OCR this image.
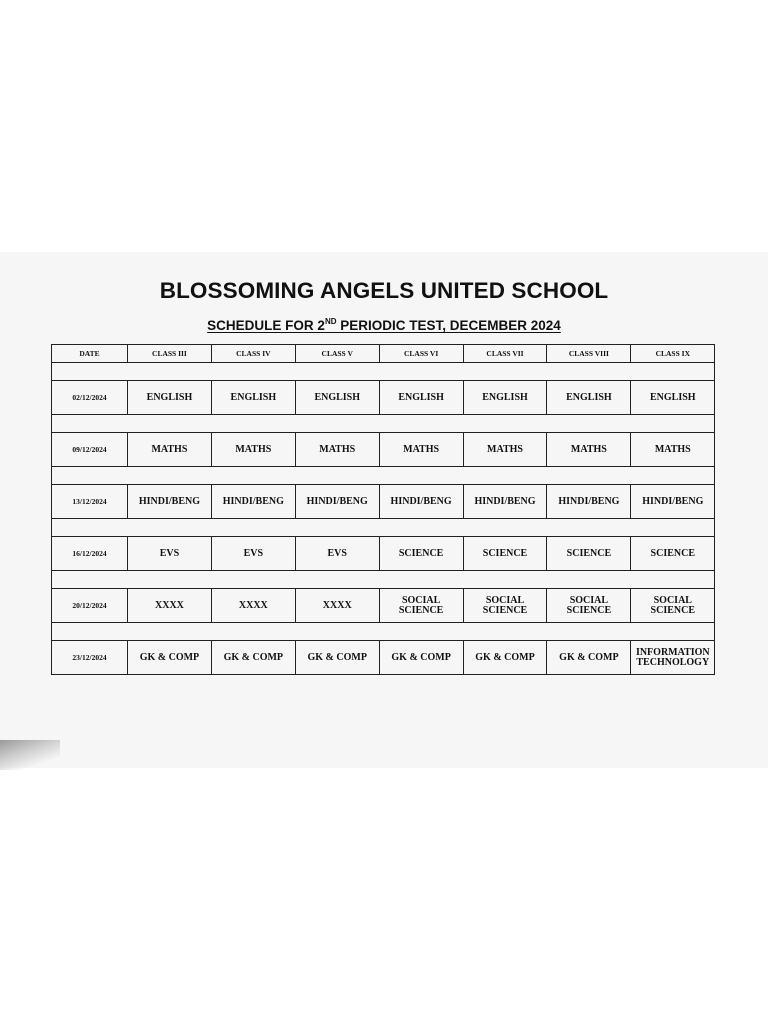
BLOSSOMING ANGELS UNITED SCHOOL
SCHEDULE FOR 2ND PERIODIC TEST, DECEMBER 2024
DATE	CLASS III	CLASS IV	CLASS V	CLASS VI	CLASS VII	CLASS VIII	CLASS IX

02/12/2024	ENGLISH	ENGLISH	ENGLISH	ENGLISH	ENGLISH	ENGLISH	ENGLISH

09/12/2024	MATHS	MATHS	MATHS	MATHS	MATHS	MATHS	MATHS

13/12/2024	HINDI/BENG	HINDI/BENG	HINDI/BENG	HINDI/BENG	HINDI/BENG	HINDI/BENG	HINDI/BENG

16/12/2024	EVS	EVS	EVS	SCIENCE	SCIENCE	SCIENCE	SCIENCE

20/12/2024	XXXX	XXXX	XXXX	SOCIAL SCIENCE	SOCIAL SCIENCE	SOCIAL SCIENCE	SOCIAL SCIENCE

23/12/2024	GK & COMP	GK & COMP	GK & COMP	GK & COMP	GK & COMP	GK & COMP	INFORMATION TECHNOLOGY
